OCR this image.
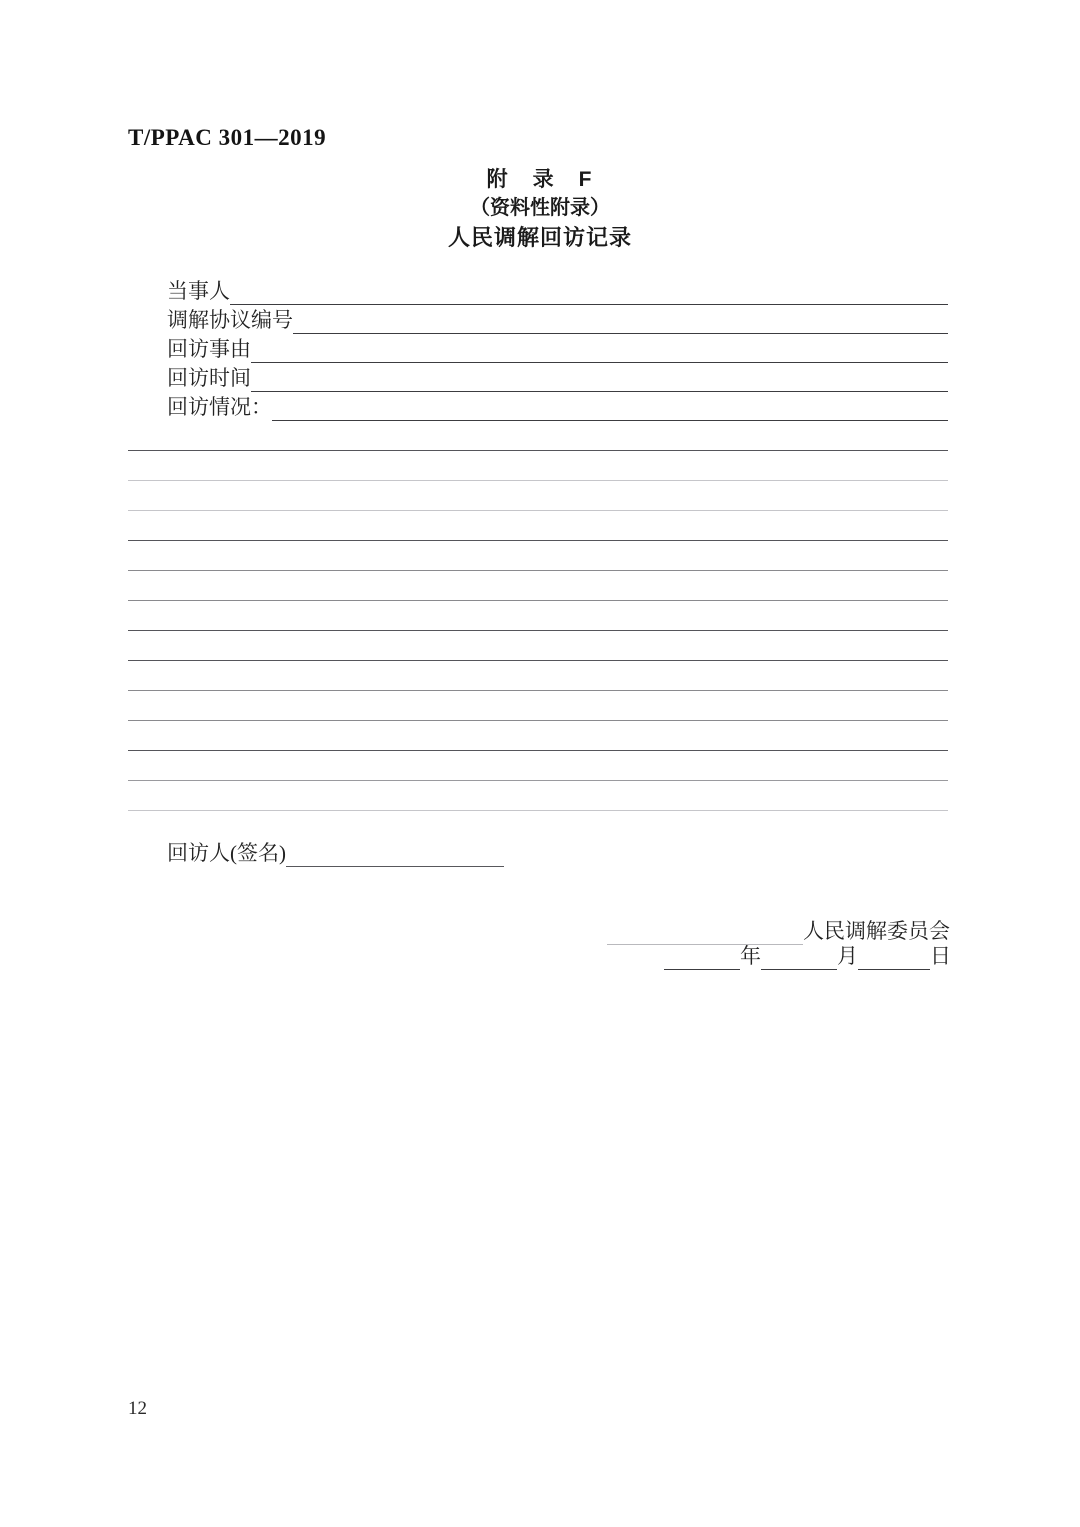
T/PPAC 301—2019
附　录　F
（资料性附录）
人民调解回访记录
当事人
调解协议编号
回访事由
回访时间
回访情况：
回访人(签名)
人民调解委员会
年	月	日
12
